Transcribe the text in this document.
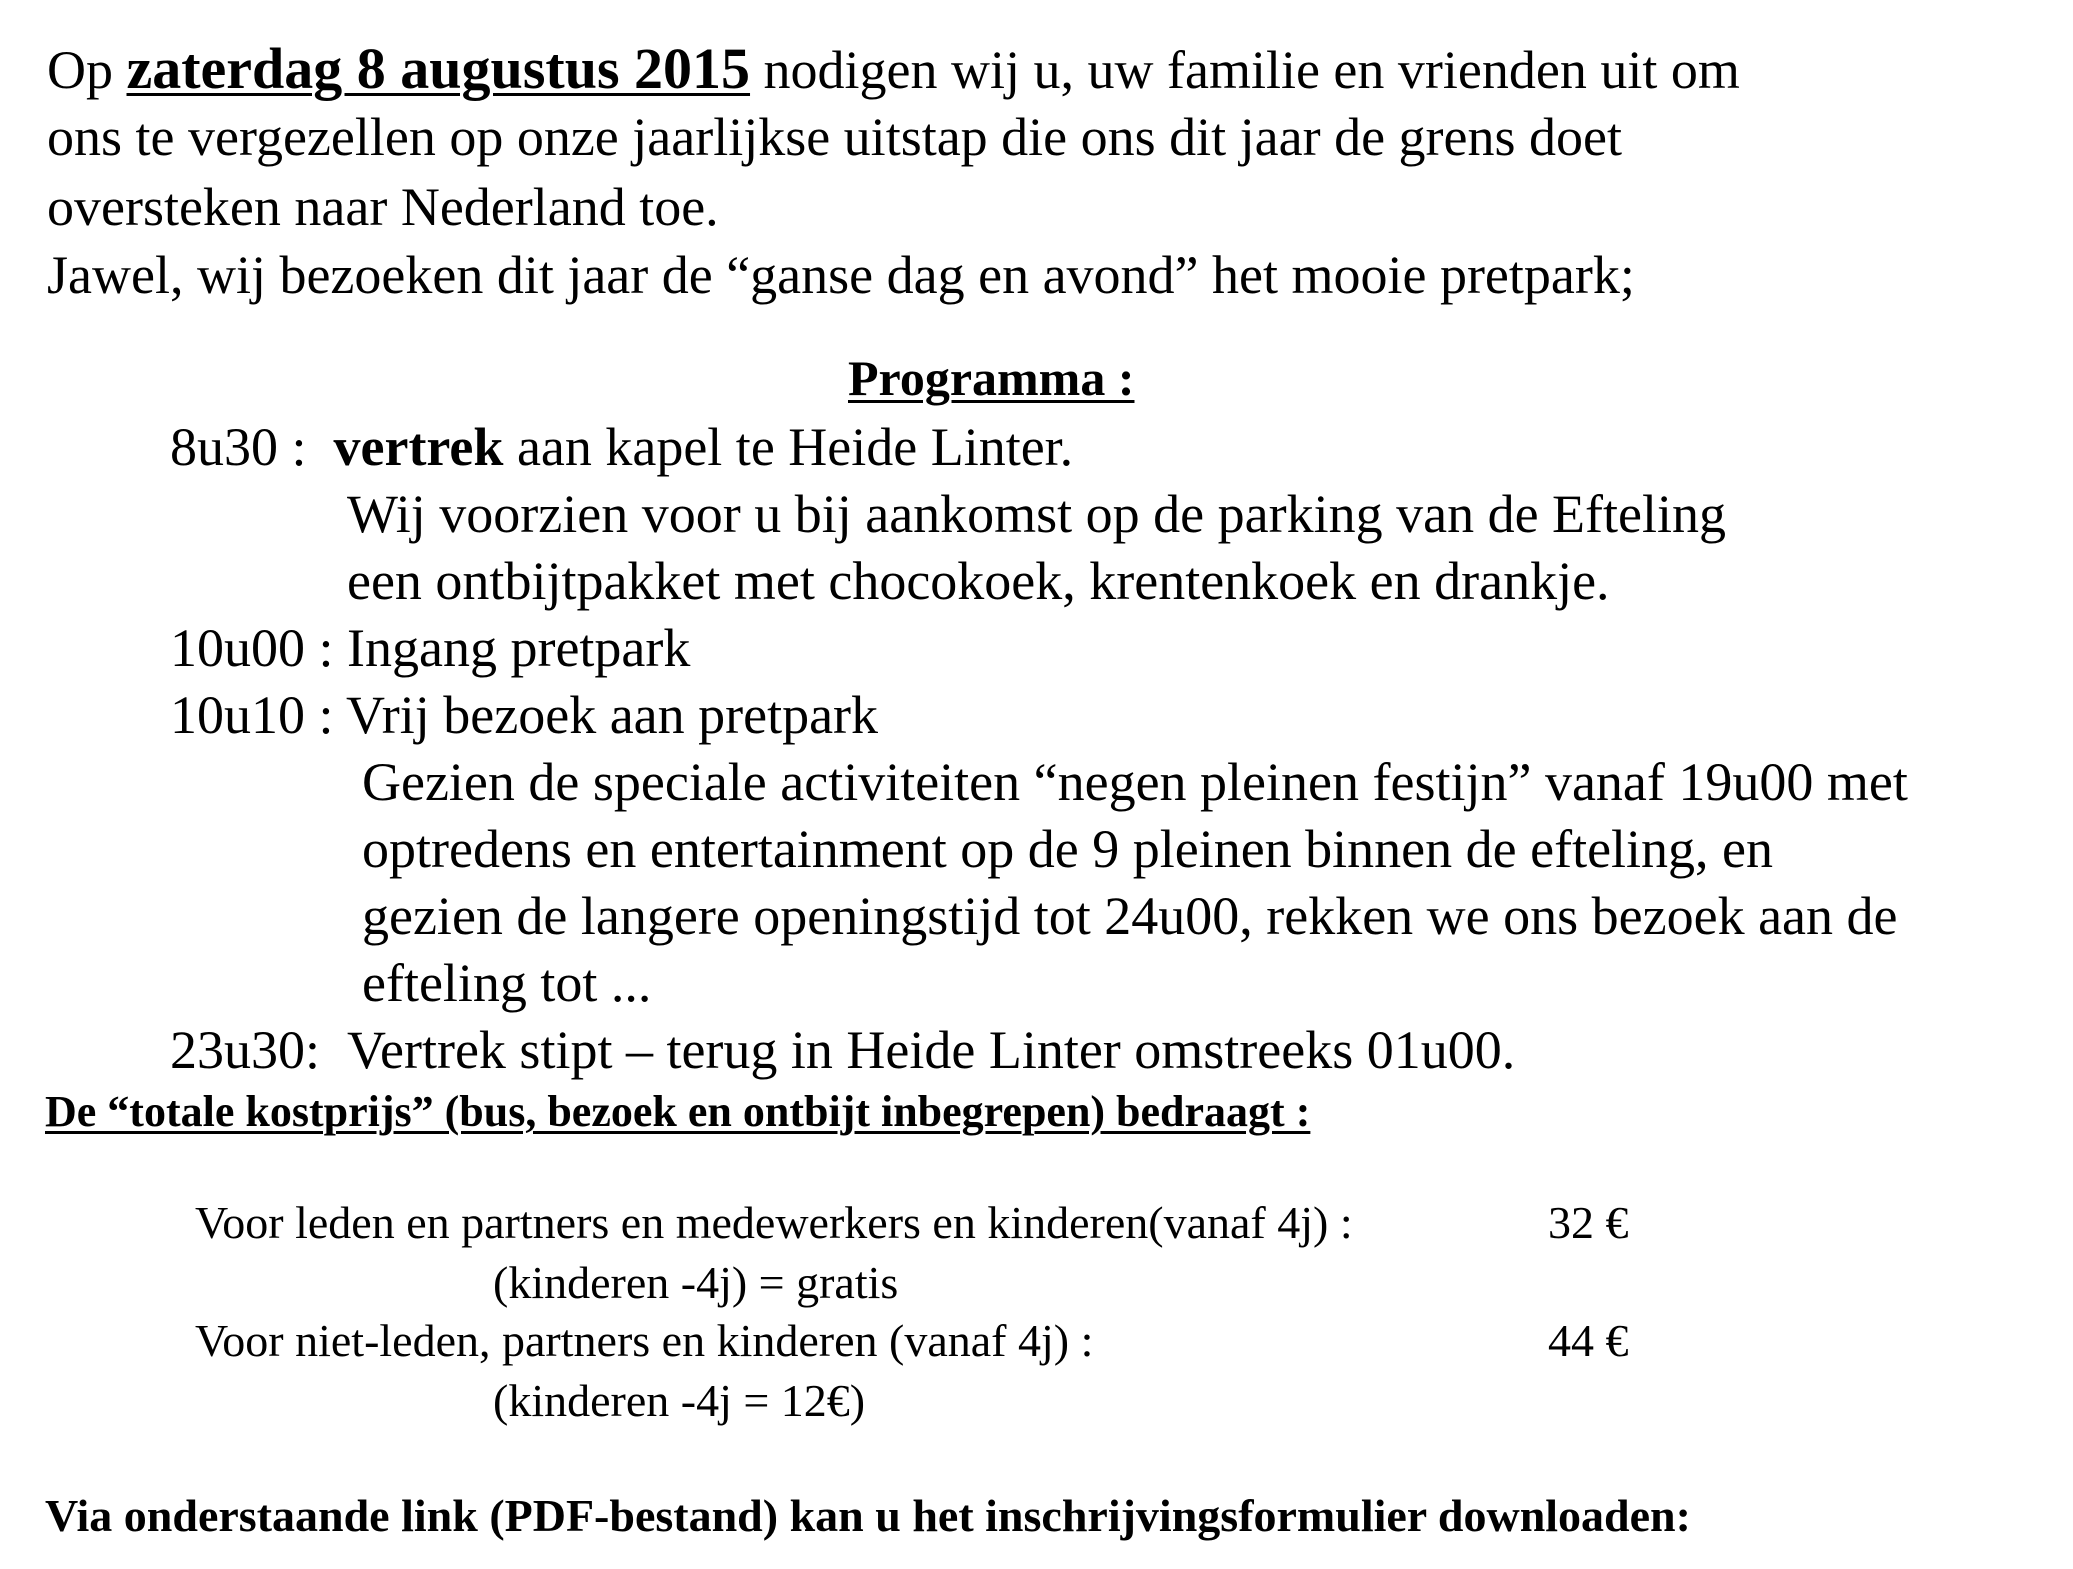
Op zaterdag 8 augustus 2015 nodigen wij u, uw familie en vrienden uit om
ons te vergezellen op onze jaarlijkse uitstap die ons dit jaar de grens doet
oversteken naar Nederland toe.
Jawel, wij bezoeken dit jaar de “ganse dag en avond” het mooie pretpark;
Programma :
8u30 : vertrek aan kapel te Heide Linter.
Wij voorzien voor u bij aankomst op de parking van de Efteling
een ontbijtpakket met chocokoek, krentenkoek en drankje.
10u00 : Ingang pretpark
10u10 : Vrij bezoek aan pretpark
Gezien de speciale activiteiten “negen pleinen festijn” vanaf 19u00 met
optredens en entertainment op de 9 pleinen binnen de efteling, en
gezien de langere openingstijd tot 24u00, rekken we ons bezoek aan de
efteling tot ...
23u30: Vertrek stipt – terug in Heide Linter omstreeks 01u00.
De “totale kostprijs” (bus, bezoek en ontbijt inbegrepen) bedraagt :
Voor leden en partners en medewerkers en kinderen(vanaf 4j) :	32 €
(kinderen -4j) = gratis
Voor niet-leden, partners en kinderen (vanaf 4j) :	44 €
(kinderen -4j = 12€)
Via onderstaande link (PDF-bestand) kan u het inschrijvingsformulier downloaden:
